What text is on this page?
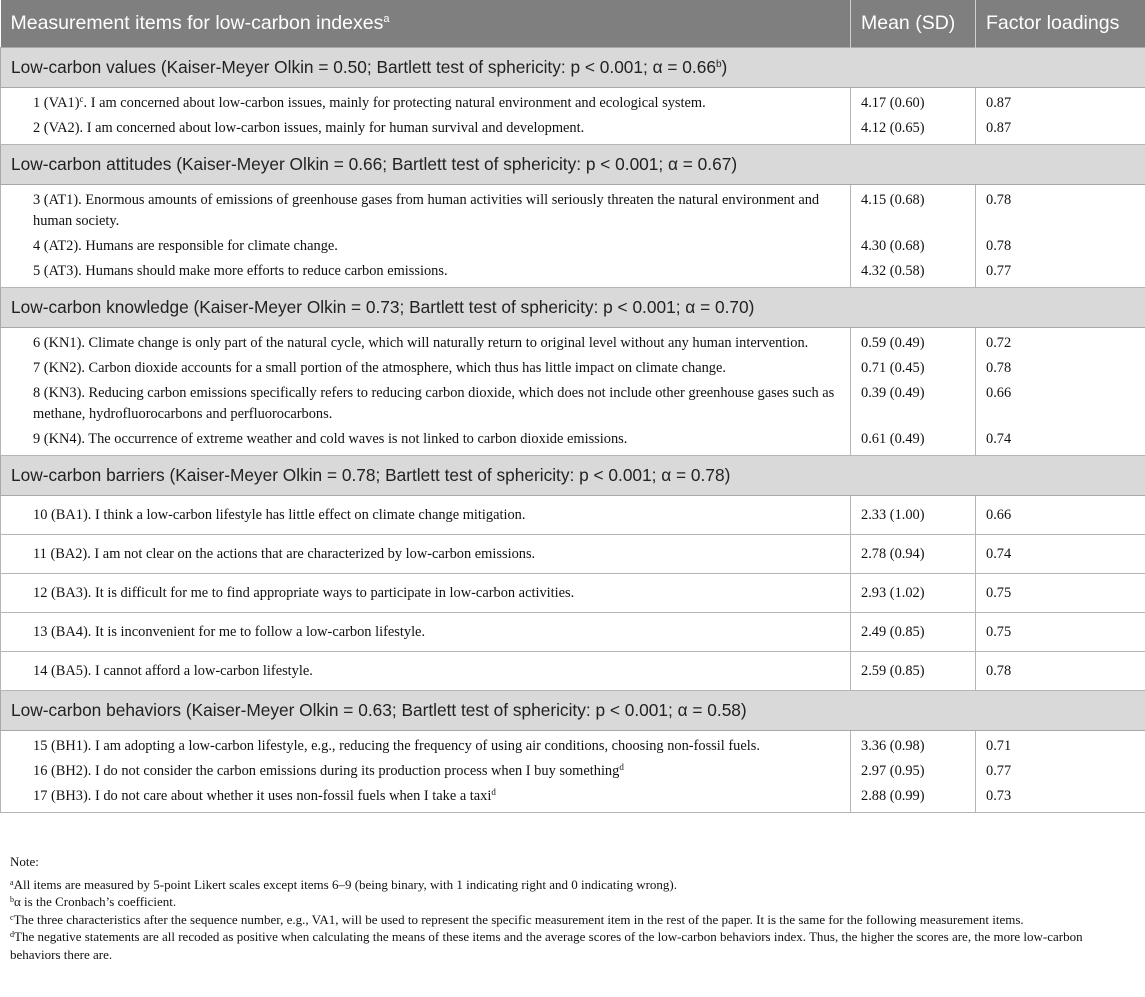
Measurement items for low-carbon indexes$^a$	Mean (SD)	Factor loadings
Low-carbon values (Kaiser-Meyer Olkin = 0.50; Bartlett test of sphericity: p < 0.001; α = 0.66$^b$)		
1 $(VA1)^c$. I am concerned about low-carbon issues, mainly for protecting natural environment and ecological system.	4.17 (0.60)	0.87
2 (VA2). I am concerned about low-carbon issues, mainly for human survival and development.	4.12 (0.65)	0.87
Low-carbon attitudes (Kaiser-Meyer Olkin = 0.66; Bartlett test of sphericity: p < 0.001; α = 0.67)		
3 (AT1). Enormous amounts of emissions of greenhouse gases from human activities will seriously threaten the natural environment and human society.	4.15 (0.68)	0.78
4 (AT2). Humans are responsible for climate change.	4.30 (0.68)	0.78
5 (AT3). Humans should make more efforts to reduce carbon emissions.	4.32 (0.58)	0.77
Low-carbon knowledge (Kaiser-Meyer Olkin = 0.73; Bartlett test of sphericity: p < 0.001; α = 0.70)		
6 (KN1). Climate change is only part of the natural cycle, which will naturally return to original level without any human intervention.	0.59 (0.49)	0.72
7 (KN2). Carbon dioxide accounts for a small portion of the atmosphere, which thus has little impact on climate change.	0.71 (0.45)	0.78
8 (KN3). Reducing carbon emissions specifically refers to reducing carbon dioxide, which does not include other greenhouse gases such as methane, hydrofluorocarbons and perfluorocarbons.	0.39 (0.49)	0.66
9 (KN4). The occurrence of extreme weather and cold waves is not linked to carbon dioxide emissions.	0.61 (0.49)	0.74
Low-carbon barriers (Kaiser-Meyer Olkin = 0.78; Bartlett test of sphericity: p < 0.001; α = 0.78)		
10 (BA1). I think a low-carbon lifestyle has little effect on climate change mitigation.	2.33 (1.00)	0.66
11 (BA2). I am not clear on the actions that are characterized by low-carbon emissions.	2.78 (0.94)	0.74
12 (BA3). It is difficult for me to find appropriate ways to participate in low-carbon activities.	2.93 (1.02)	0.75
13 (BA4). It is inconvenient for me to follow a low-carbon lifestyle.	2.49 (0.85)	0.75
14 (BA5). I cannot afford a low-carbon lifestyle.	2.59 (0.85)	0.78
Low-carbon behaviors (Kaiser-Meyer Olkin = 0.63; Bartlett test of sphericity: p < 0.001; α = 0.58)		
15 (BH1). I am adopting a low-carbon lifestyle, e.g., reducing the frequency of using air conditions, choosing non-fossil fuels.	3.36 (0.98)	0.71
16 (BH2). I do not consider the carbon emissions during its production process when I buy something$^d$	2.97 (0.95)	0.77
17 (BH3). I do not care about whether it uses non-fossil fuels when I take a taxi$^d$	2.88 (0.99)	0.73

Note:

$^a$All items are measured by 5-point Likert scales except items 6–9 (being binary, with 1 indicating right and 0 indicating wrong).

$^b$α is the Cronbach’s coefficient.

$^c$The three characteristics after the sequence number, e.g., VA1, will be used to represent the specific measurement item in the rest of the paper. It is the same for the following measurement items.

$^d$The negative statements are all recoded as positive when calculating the means of these items and the average scores of the low-carbon behaviors index. Thus, the higher the scores are, the more low-carbon behaviors there are.
